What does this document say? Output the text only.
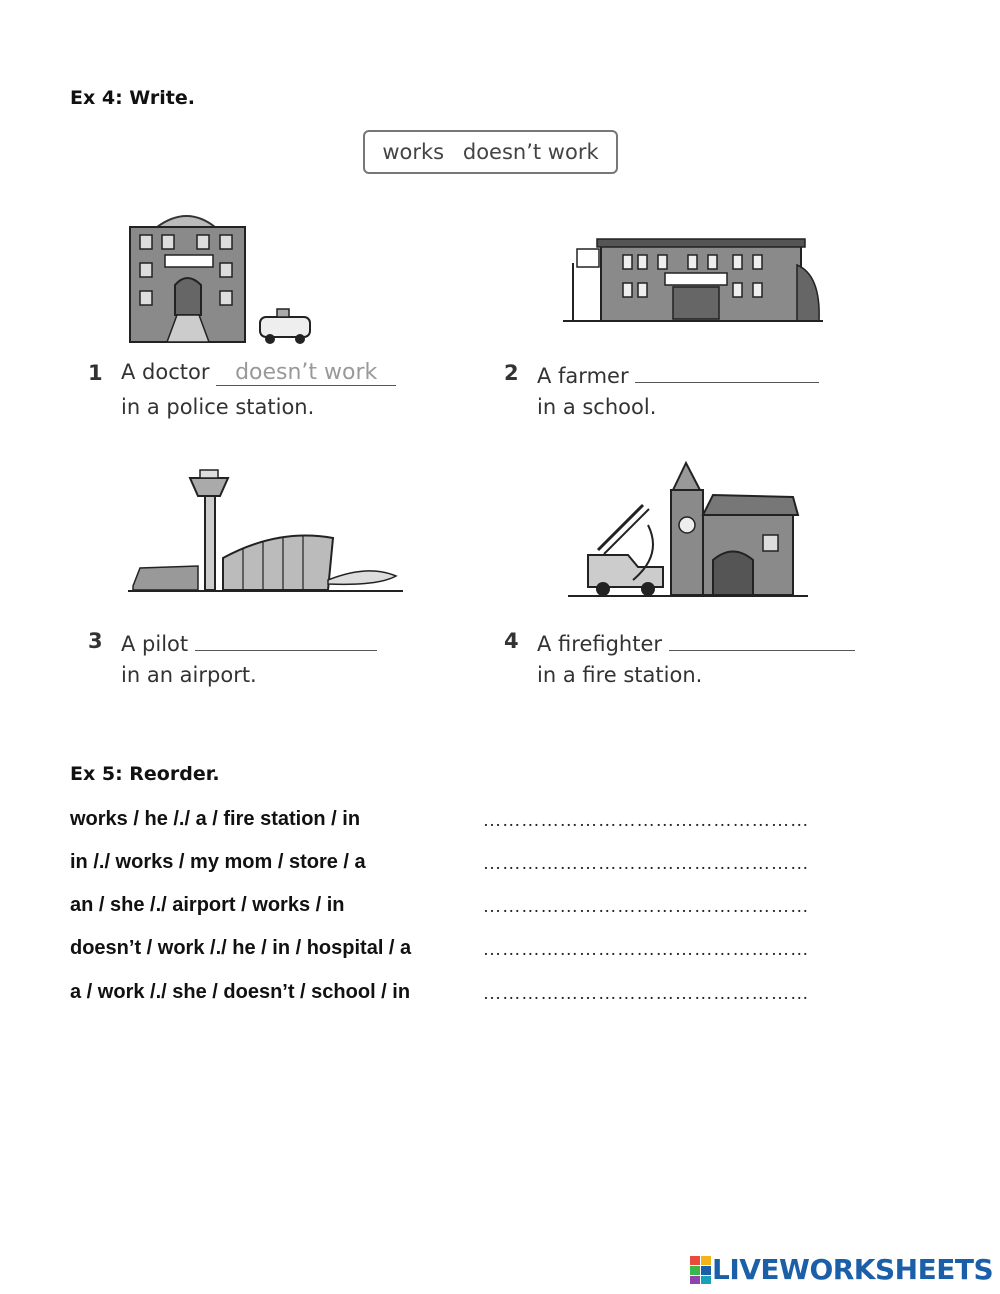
Ex 4: Write.
works doesn’t work
1 A doctor doesn’t work
in a police station.
2 A farmer
in a school.
3 A pilot
in an airport.
4 A firefighter
in a fire station.
Ex 5: Reorder.
works / he /./ a / fire station / in	……………………………………………
in /./ works / my mom / store / a	……………………………………………
an / she /./ airport / works / in	……………………………………………
doesn’t / work /./ he / in / hospital / a	……………………………………………
a / work /./ she / doesn’t / school / in	……………………………………………
LIVEWORKSHEETS
